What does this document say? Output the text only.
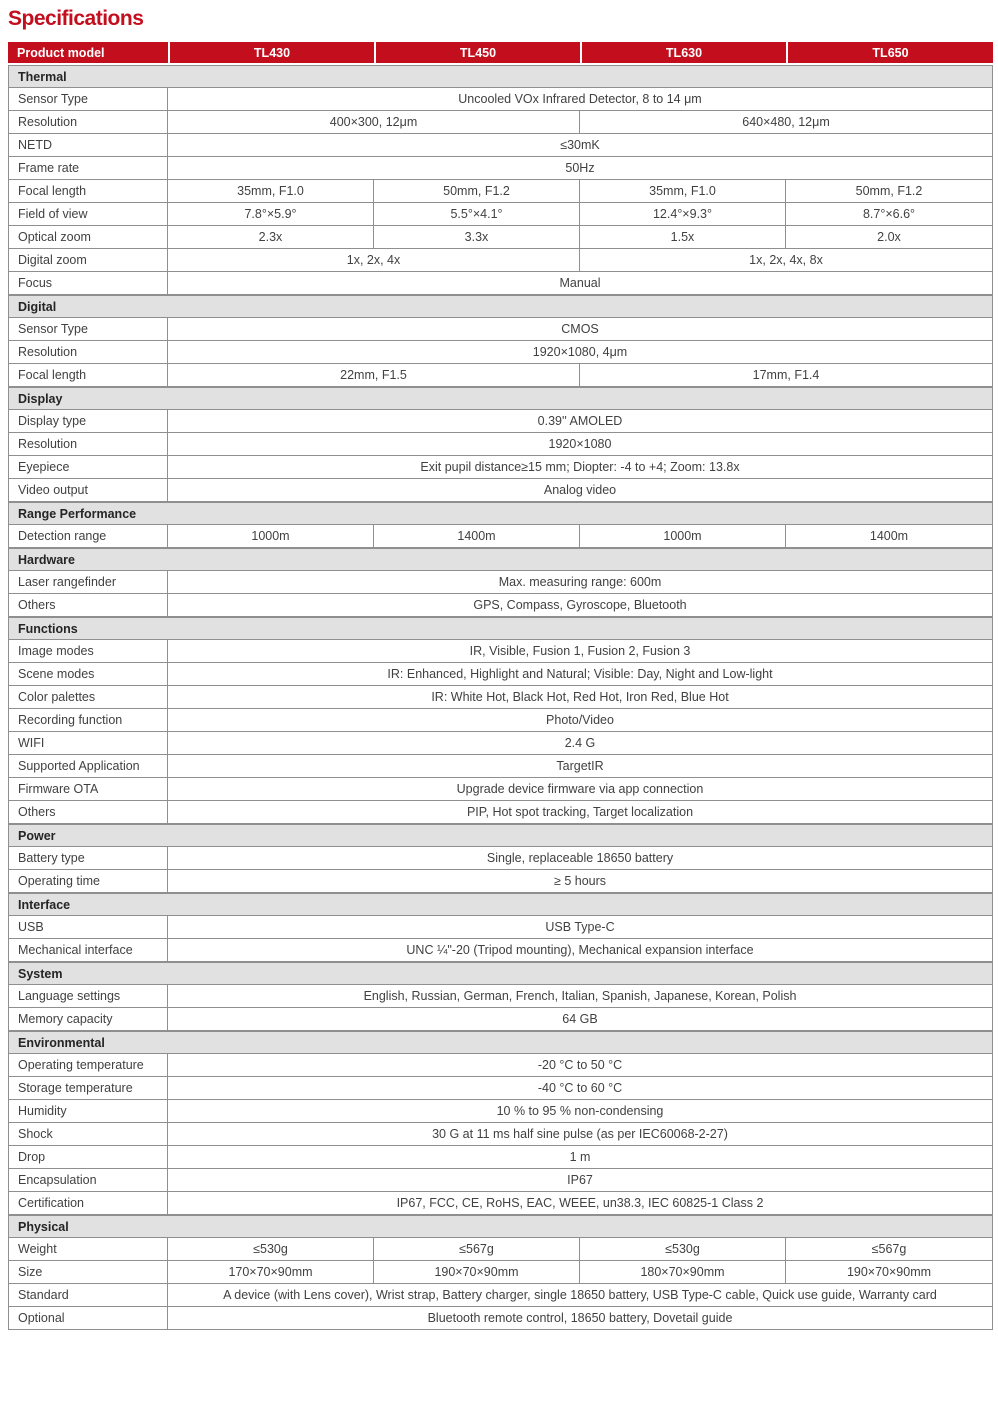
Specifications
Product model	TL430	TL450	TL630	TL650
Thermal				
Sensor Type	Uncooled VOx Infrared Detector, 8 to 14 μm			
Resolution	400×300, 12μm		640×480, 12μm	
NETD	≤30mK			
Frame rate	50Hz			
Focal length	35mm, F1.0	50mm, F1.2	35mm, F1.0	50mm, F1.2
Field of view	7.8°×5.9°	5.5°×4.1°	12.4°×9.3°	8.7°×6.6°
Optical zoom	2.3x	3.3x	1.5x	2.0x
Digital zoom	1x, 2x, 4x		1x, 2x, 4x, 8x	
Focus	Manual			
Digital				
Sensor Type	CMOS			
Resolution	1920×1080, 4μm			
Focal length	22mm, F1.5		17mm, F1.4	
Display				
Display type	0.39'' AMOLED			
Resolution	1920×1080			
Eyepiece	Exit pupil distance≥15 mm; Diopter: -4 to +4; Zoom: 13.8x			
Video output	Analog video			
Range Performance				
Detection range	1000m	1400m	1000m	1400m
Hardware				
Laser rangefinder	Max. measuring range: 600m			
Others	GPS, Compass, Gyroscope, Bluetooth			
Functions				
Image modes	IR, Visible, Fusion 1, Fusion 2, Fusion 3			
Scene modes	IR: Enhanced, Highlight and Natural; Visible: Day, Night and Low-light			
Color palettes	IR: White Hot, Black Hot, Red Hot, Iron Red, Blue Hot			
Recording function	Photo/Video			
WIFI	2.4 G			
Supported Application	TargetIR			
Firmware OTA	Upgrade device firmware via app connection			
Others	PIP, Hot spot tracking, Target localization			
Power				
Battery type	Single, replaceable 18650 battery			
Operating time	≥ 5 hours			
Interface				
USB	USB Type-C			
Mechanical interface	UNC ¼"-20 (Tripod mounting), Mechanical expansion interface			
System				
Language settings	English, Russian, German, French, Italian, Spanish, Japanese, Korean, Polish			
Memory capacity	64 GB			
Environmental				
Operating temperature	-20 °C to 50 °C			
Storage temperature	-40 °C to 60 °C			
Humidity	10 % to 95 % non-condensing			
Shock	30 G at 11 ms half sine pulse (as per IEC60068-2-27)			
Drop	1 m			
Encapsulation	IP67			
Certification	IP67, FCC, CE, RoHS, EAC, WEEE, un38.3, IEC 60825-1 Class 2			
Physical				
Weight	≤530g	≤567g	≤530g	≤567g
Size	170×70×90mm	190×70×90mm	180×70×90mm	190×70×90mm
Standard	A device (with Lens cover), Wrist strap, Battery charger, single 18650 battery, USB Type-C cable, Quick use guide, Warranty card			
Optional	Bluetooth remote control, 18650 battery, Dovetail guide			
